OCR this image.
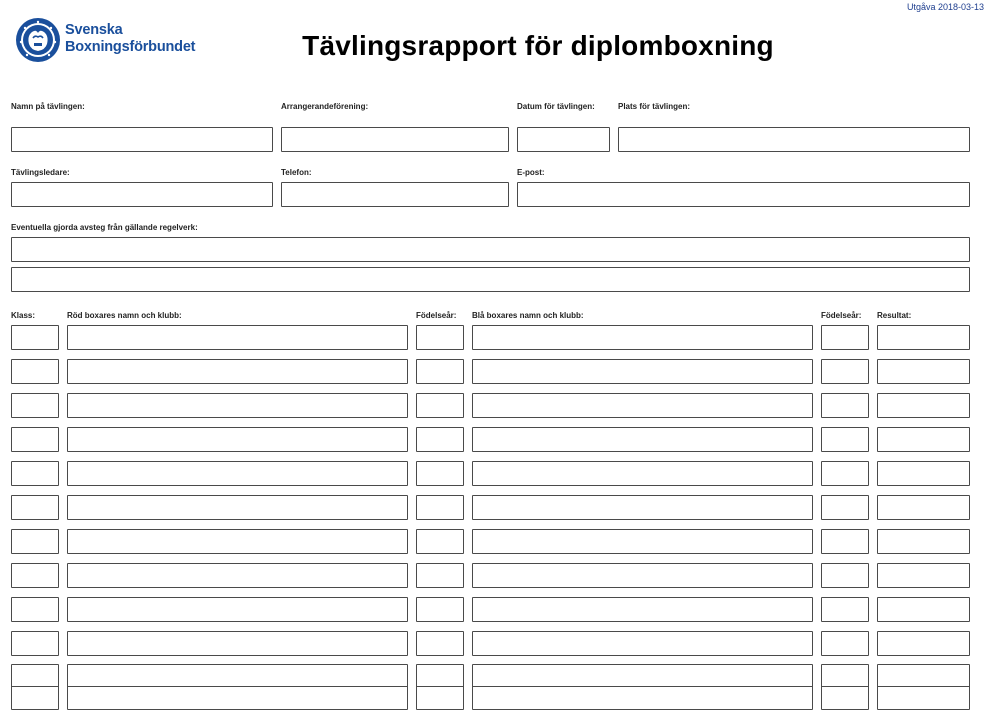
Utgåva 2018-03-13
Svenska
Boxningsförbundet	Tävlingsrapport för diplomboxning
Namn på tävlingen:	Arrangerandeförening:	Datum för tävlingen:	Plats för tävlingen:
Tävlingsledare:	Telefon:	E-post:
Eventuella gjorda avsteg från gällande regelverk:
Klass:	Röd boxares namn och klubb:	Födelseår: Blå boxares namn och klubb:	Födelseår: Resultat:
